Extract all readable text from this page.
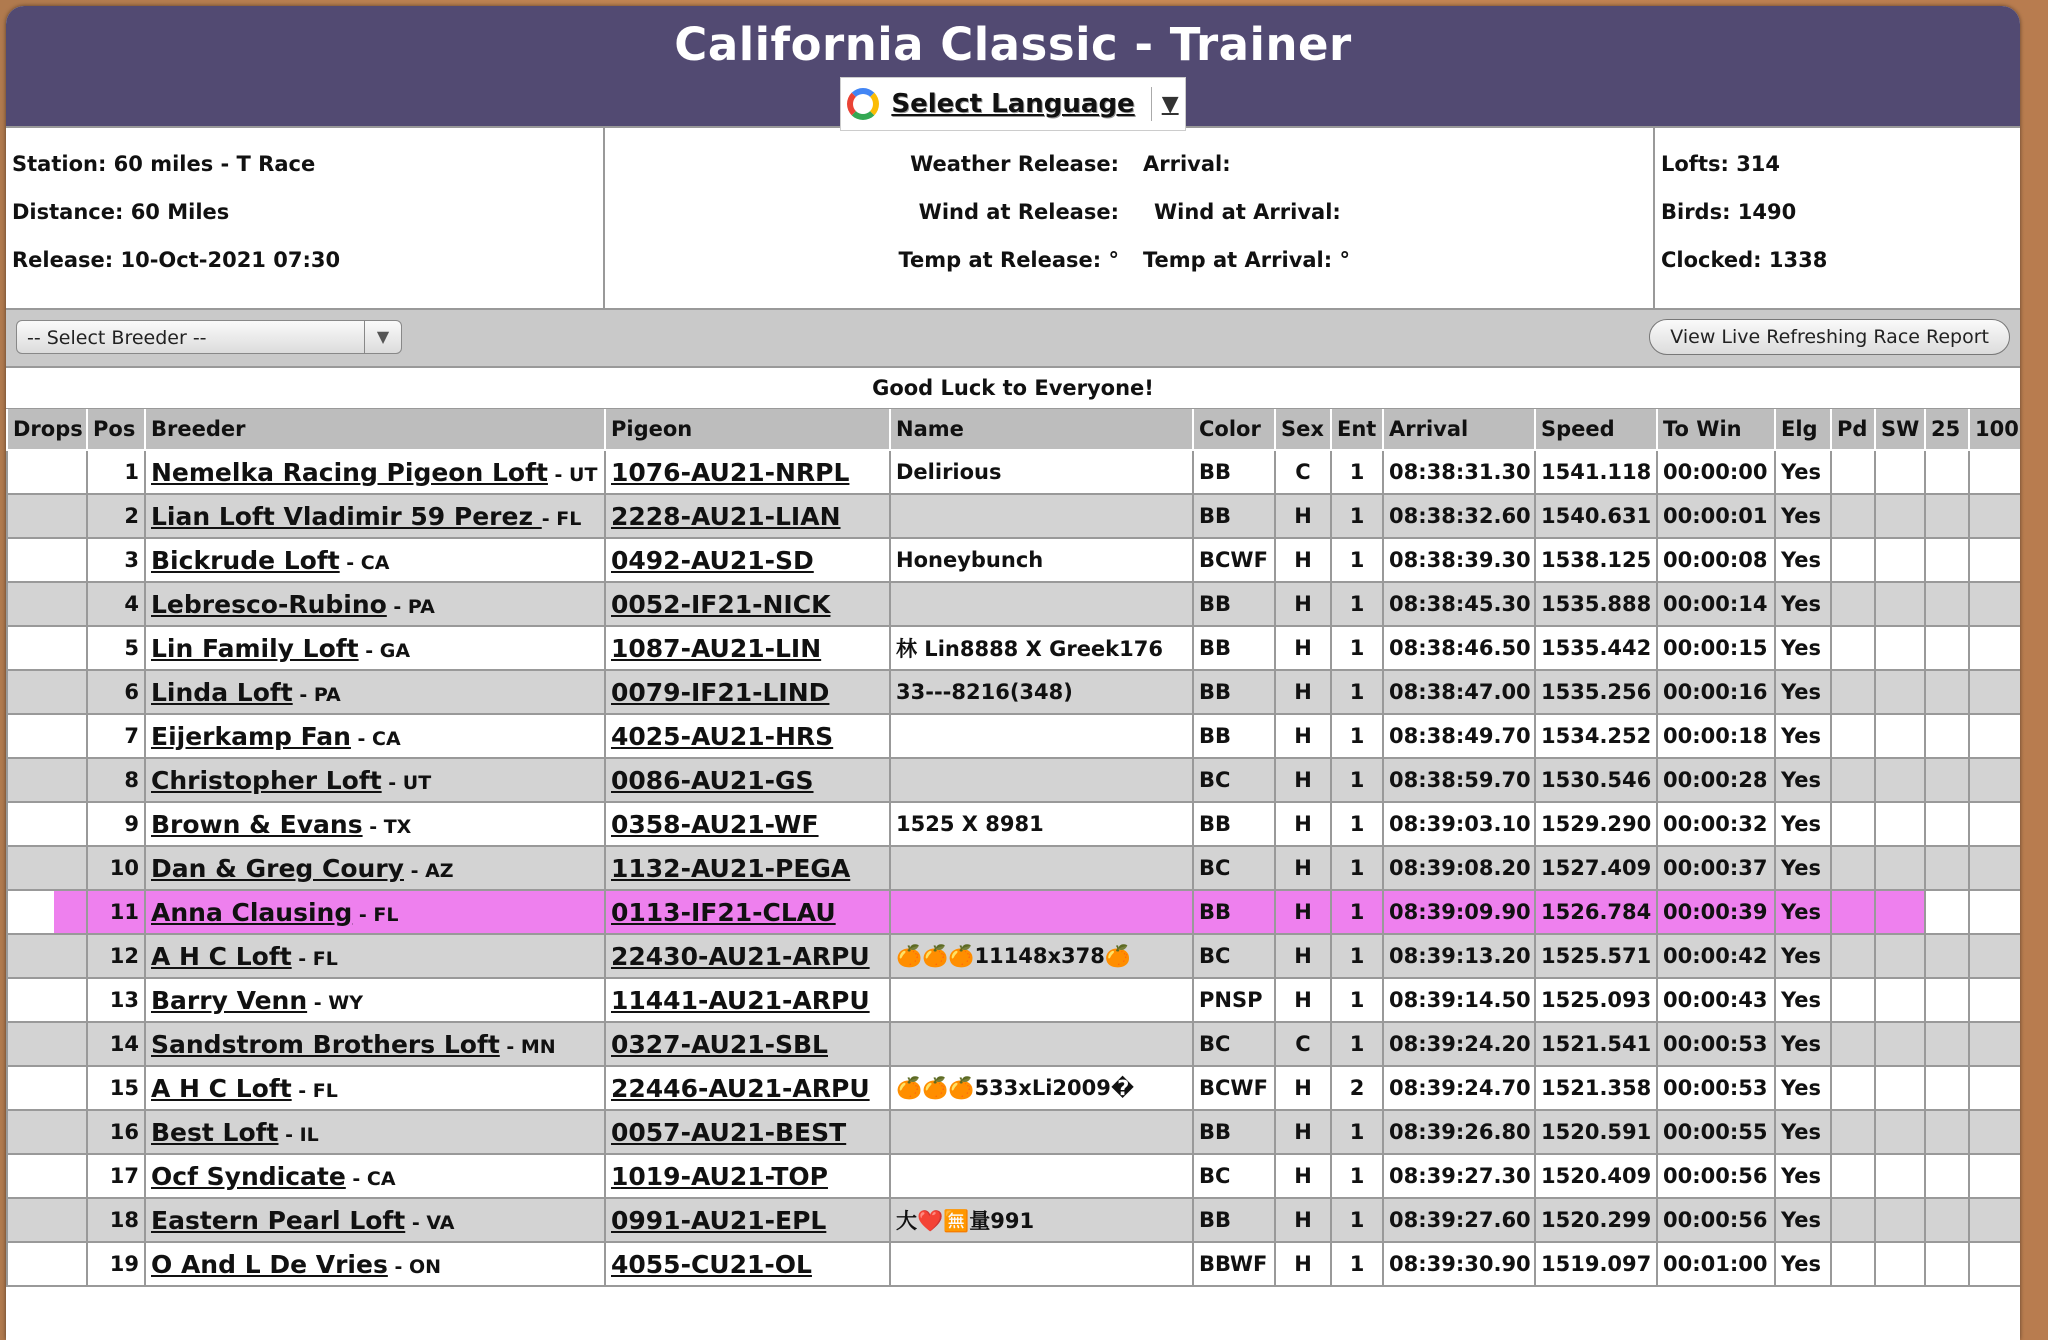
California Classic - Trainer
Select Language ▼
Station: 60 miles - T Race
Distance: 60 Miles
Release: 10-Oct-2021 07:30
Weather Release:	Arrival:
Wind at Release:	Wind at Arrival:
Temp at Release: °	Temp at Arrival: °
Lofts: 314
Birds: 1490
Clocked: 1338
-- Select Breeder --	▼	View Live Refreshing Race Report
Good Luck to Everyone!
Drops	Pos	Breeder	Pigeon	Name	Color	Sex	Ent	Arrival	Speed	To Win	Elg	Pd	SW	25	100
	1	Nemelka Racing Pigeon Loft - UT	1076-AU21-NRPL	Delirious	BB	C	1	08:38:31.30	1541.118	00:00:00	Yes				
	2	Lian Loft Vladimir 59 Perez - FL	2228-AU21-LIAN		BB	H	1	08:38:32.60	1540.631	00:00:01	Yes				
	3	Bickrude Loft - CA	0492-AU21-SD	Honeybunch	BCWF	H	1	08:38:39.30	1538.125	00:00:08	Yes				
	4	Lebresco-Rubino - PA	0052-IF21-NICK		BB	H	1	08:38:45.30	1535.888	00:00:14	Yes				
	5	Lin Family Loft - GA	1087-AU21-LIN	林 Lin8888 X Greek176	BB	H	1	08:38:46.50	1535.442	00:00:15	Yes				
	6	Linda Loft - PA	0079-IF21-LIND	33---8216(348)	BB	H	1	08:38:47.00	1535.256	00:00:16	Yes				
	7	Eijerkamp Fan - CA	4025-AU21-HRS		BB	H	1	08:38:49.70	1534.252	00:00:18	Yes				
	8	Christopher Loft - UT	0086-AU21-GS		BC	H	1	08:38:59.70	1530.546	00:00:28	Yes				
	9	Brown & Evans - TX	0358-AU21-WF	1525 X 8981	BB	H	1	08:39:03.10	1529.290	00:00:32	Yes				
	10	Dan & Greg Coury - AZ	1132-AU21-PEGA		BC	H	1	08:39:08.20	1527.409	00:00:37	Yes				
	11	Anna Clausing - FL	0113-IF21-CLAU		BB	H	1	08:39:09.90	1526.784	00:00:39	Yes				
	12	A H C Loft - FL	22430-AU21-ARPU	🍊🍊🍊11148x378🍊	BC	H	1	08:39:13.20	1525.571	00:00:42	Yes				
	13	Barry Venn - WY	11441-AU21-ARPU		PNSP	H	1	08:39:14.50	1525.093	00:00:43	Yes				
	14	Sandstrom Brothers Loft - MN	0327-AU21-SBL		BC	C	1	08:39:24.20	1521.541	00:00:53	Yes				
	15	A H C Loft - FL	22446-AU21-ARPU	🍊🍊🍊533xLi2009�	BCWF	H	2	08:39:24.70	1521.358	00:00:53	Yes				
	16	Best Loft - IL	0057-AU21-BEST		BB	H	1	08:39:26.80	1520.591	00:00:55	Yes				
	17	Ocf Syndicate - CA	1019-AU21-TOP		BC	H	1	08:39:27.30	1520.409	00:00:56	Yes				
	18	Eastern Pearl Loft - VA	0991-AU21-EPL	大❤️🈚量991	BB	H	1	08:39:27.60	1520.299	00:00:56	Yes				
	19	O And L De Vries - ON	4055-CU21-OL		BBWF	H	1	08:39:30.90	1519.097	00:01:00	Yes				
